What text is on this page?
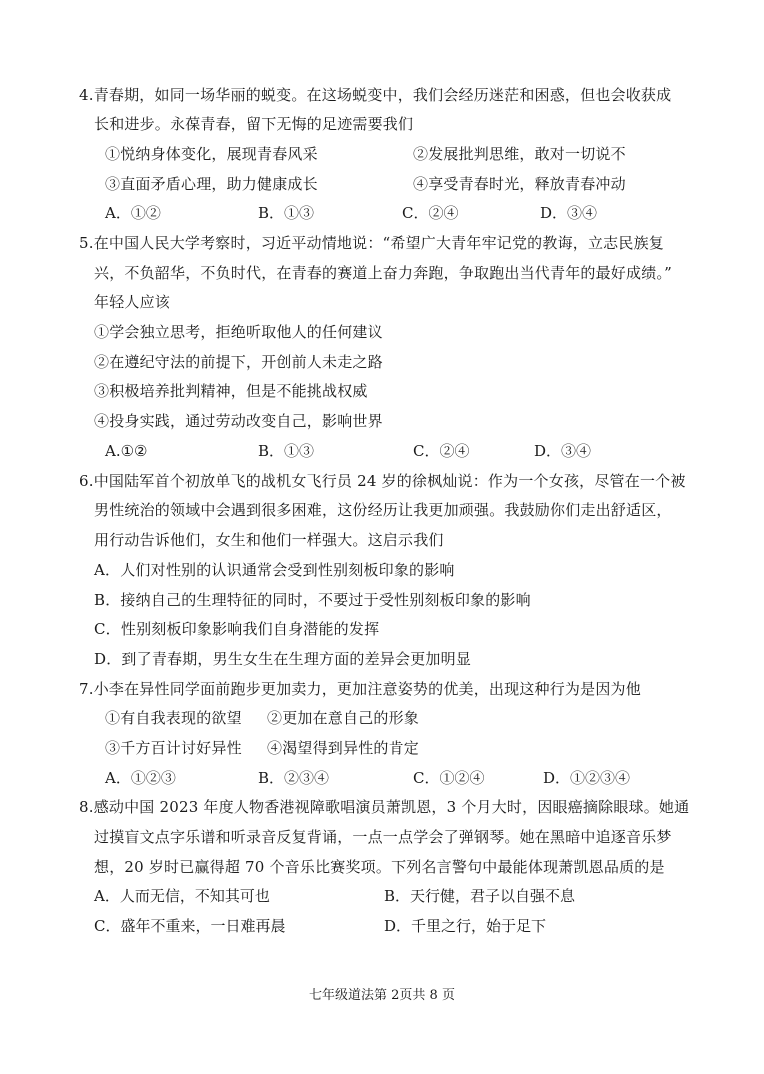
4.青春期，如同一场华丽的蜕变。在这场蜕变中，我们会经历迷茫和困惑，但也会收获成
长和进步。永葆青春，留下无悔的足迹需要我们
①悦纳身体变化，展现青春风采	②发展批判思维，敢对一切说不
③直面矛盾心理，助力健康成长	④享受青春时光，释放青春冲动
A．①②	B．①③	C．②④	D．③④
5.在中国人民大学考察时，习近平动情地说：“希望广大青年牢记党的教诲，立志民族复
兴，不负韶华，不负时代，在青春的赛道上奋力奔跑，争取跑出当代青年的最好成绩。”
年轻人应该
①学会独立思考，拒绝听取他人的任何建议
②在遵纪守法的前提下，开创前人未走之路
③积极培养批判精神，但是不能挑战权威
④投身实践，通过劳动改变自己，影响世界
A.①②	B．①③	C．②④	D．③④
6.中国陆军首个初放单飞的战机女飞行员 24 岁的徐枫灿说：作为一个女孩，尽管在一个被
男性统治的领域中会遇到很多困难，这份经历让我更加顽强。我鼓励你们走出舒适区，
用行动告诉他们，女生和他们一样强大。这启示我们
A．人们对性别的认识通常会受到性别刻板印象的影响
B．接纳自己的生理特征的同时，不要过于受性别刻板印象的影响
C．性别刻板印象影响我们自身潜能的发挥
D．到了青春期，男生女生在生理方面的差异会更加明显
7.小李在异性同学面前跑步更加卖力，更加注意姿势的优美，出现这种行为是因为他
①有自我表现的欲望 ②更加在意自己的形象
③千方百计讨好异性 ④渴望得到异性的肯定
A．①②③	B．②③④	C．①②④	D．①②③④
8.感动中国 2023 年度人物香港视障歌唱演员萧凯恩，3 个月大时，因眼癌摘除眼球。她通
过摸盲文点字乐谱和听录音反复背诵，一点一点学会了弹钢琴。她在黑暗中追逐音乐梦
想，20 岁时已赢得超 70 个音乐比赛奖项。下列名言警句中最能体现萧凯恩品质的是
A．人而无信，不知其可也	B．天行健，君子以自强不息
C．盛年不重来，一日难再晨	D．千里之行，始于足下
七年级道法第 2页共 8 页
